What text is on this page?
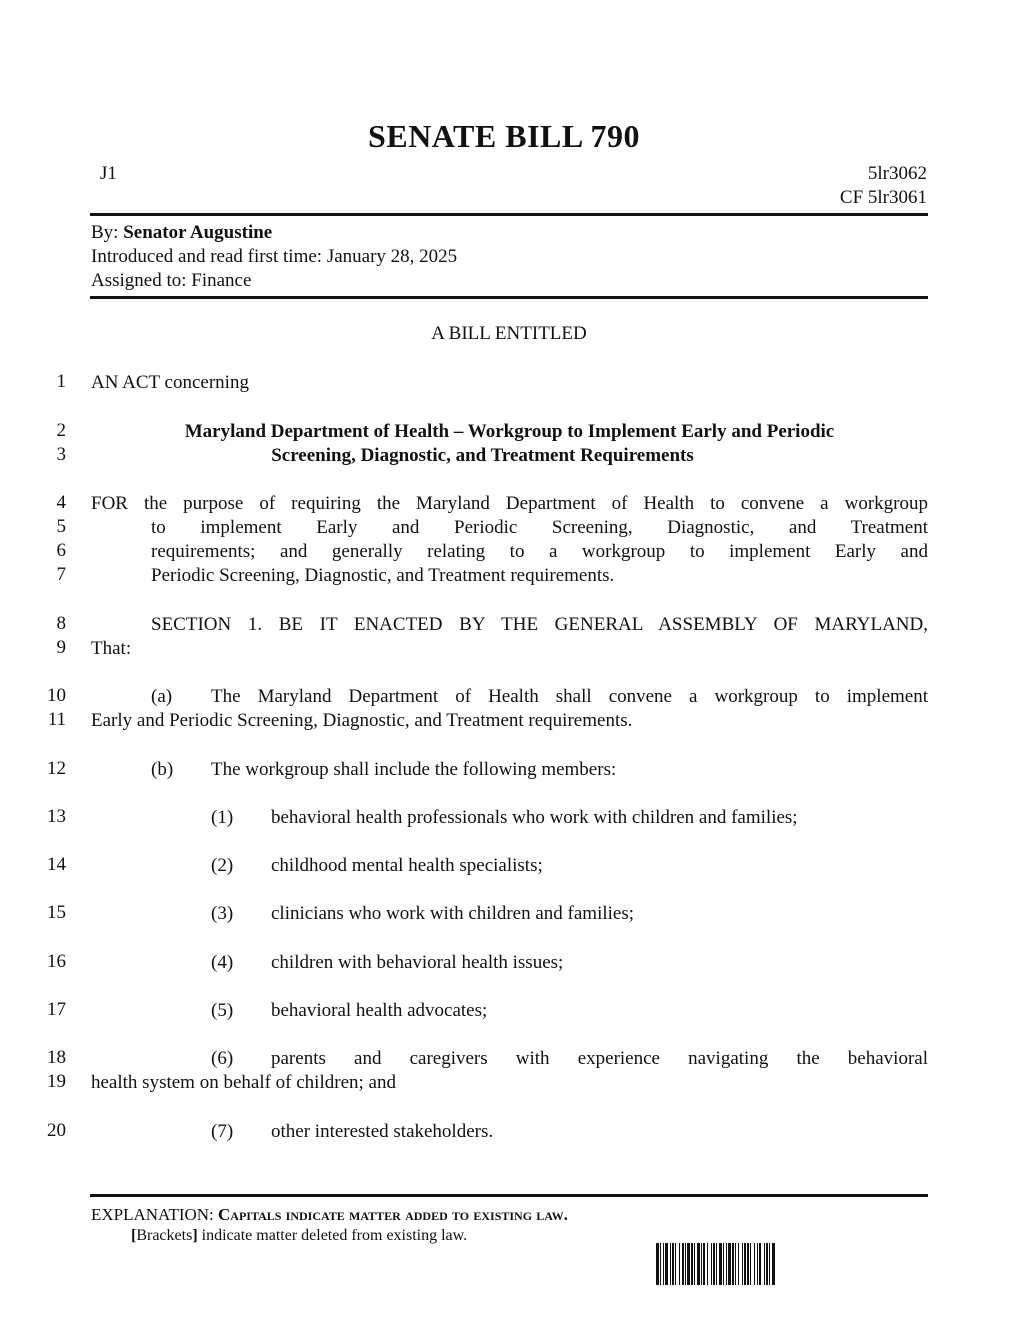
SENATE BILL 790
J1	5lr3062
CF 5lr3061
By: Senator Augustine
Introduced and read first time: January 28, 2025
Assigned to: Finance
A BILL ENTITLED
1
2
3
4
5
6
7
8
9
10
11
12
13
14
15
16
17
18
19
20
AN ACT concerning
Maryland Department of Health – Workgroup to Implement Early and Periodic
Screening, Diagnostic, and Treatment Requirements
FOR the purpose of requiring the Maryland Department of Health to convene a workgroup
to implement Early and Periodic Screening, Diagnostic, and Treatment
requirements; and generally relating to a workgroup to implement Early and
Periodic Screening, Diagnostic, and Treatment requirements.
SECTION 1. BE IT ENACTED BY THE GENERAL ASSEMBLY OF MARYLAND,
That:
(a) The Maryland Department of Health shall convene a workgroup to implement
Early and Periodic Screening, Diagnostic, and Treatment requirements.
(b) The workgroup shall include the following members:
(1) behavioral health professionals who work with children and families;
(2) childhood mental health specialists;
(3) clinicians who work with children and families;
(4) children with behavioral health issues;
(5) behavioral health advocates;
(6) parents and caregivers with experience navigating the behavioral
health system on behalf of children; and
(7) other interested stakeholders.
EXPLANATION: Capitals indicate matter added to existing law.
[Brackets] indicate matter deleted from existing law.
